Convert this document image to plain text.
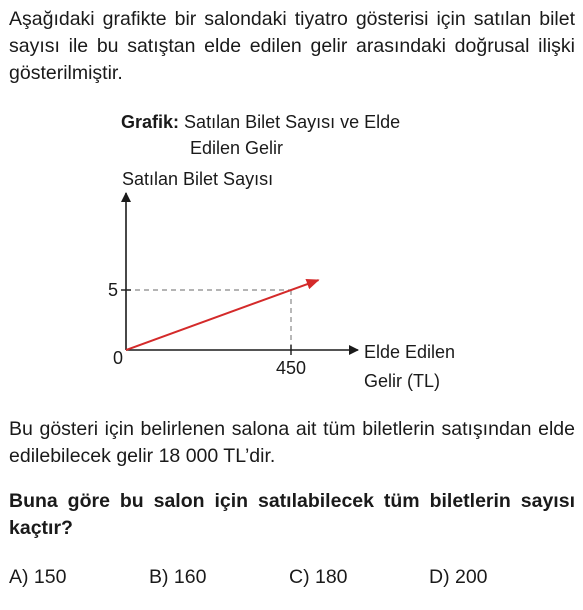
Aşağıdaki grafikte bir salondaki tiyatro gösterisi için satılan bilet sayısı ile bu satıştan elde edilen gelir arasındaki doğrusal ilişki gösterilmiştir.
Grafik: Satılan Bilet Sayısı ve Elde
Edilen Gelir
Satılan Bilet Sayısı
5
450
0	Elde Edilen
Gelir (TL)
Bu gösteri için belirlenen salona ait tüm biletlerin satışından elde edilebilecek gelir 18 000 TL’dir.
Buna göre bu salon için satılabilecek tüm biletlerin sayısı kaçtır?
A) 150	B) 160	C) 180	D) 200
